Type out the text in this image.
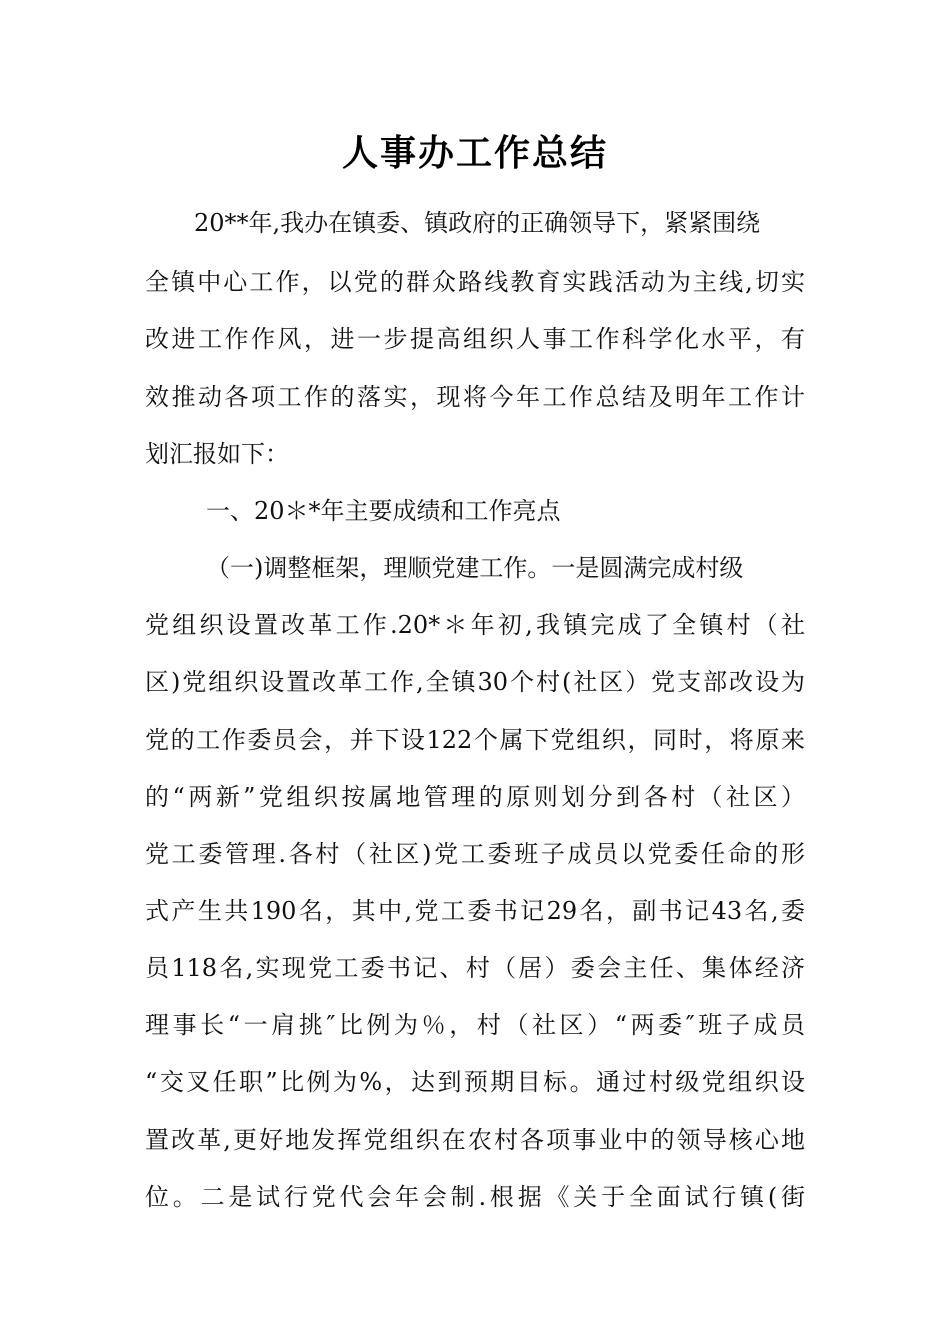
人事办工作总结
20**年,我办在镇委、镇政府的正确领导下，紧紧围绕
全镇中心工作，以党的群众路线教育实践活动为主线,切实
改进工作作风，进一步提高组织人事工作科学化水平，有
效推动各项工作的落实，现将今年工作总结及明年工作计
划汇报如下：
一、20＊*年主要成绩和工作亮点
（一)调整框架，理顺党建工作。一是圆满完成村级
党组织设置改革工作.20*＊年初,我镇完成了全镇村（社
区)党组织设置改革工作,全镇30个村(社区）党支部改设为
党的工作委员会，并下设122个属下党组织，同时，将原来
的“两新”党组织按属地管理的原则划分到各村（社区）
党工委管理.各村（社区)党工委班子成员以党委任命的形
式产生共190名，其中,党工委书记29名，副书记43名,委
员118名,实现党工委书记、村（居）委会主任、集体经济
理事长“一肩挑″比例为％，村（社区）“两委″班子成员
“交叉任职”比例为%，达到预期目标。通过村级党组织设
置改革,更好地发挥党组织在农村各项事业中的领导核心地
位。二是试行党代会年会制.根据《关于全面试行镇(街
